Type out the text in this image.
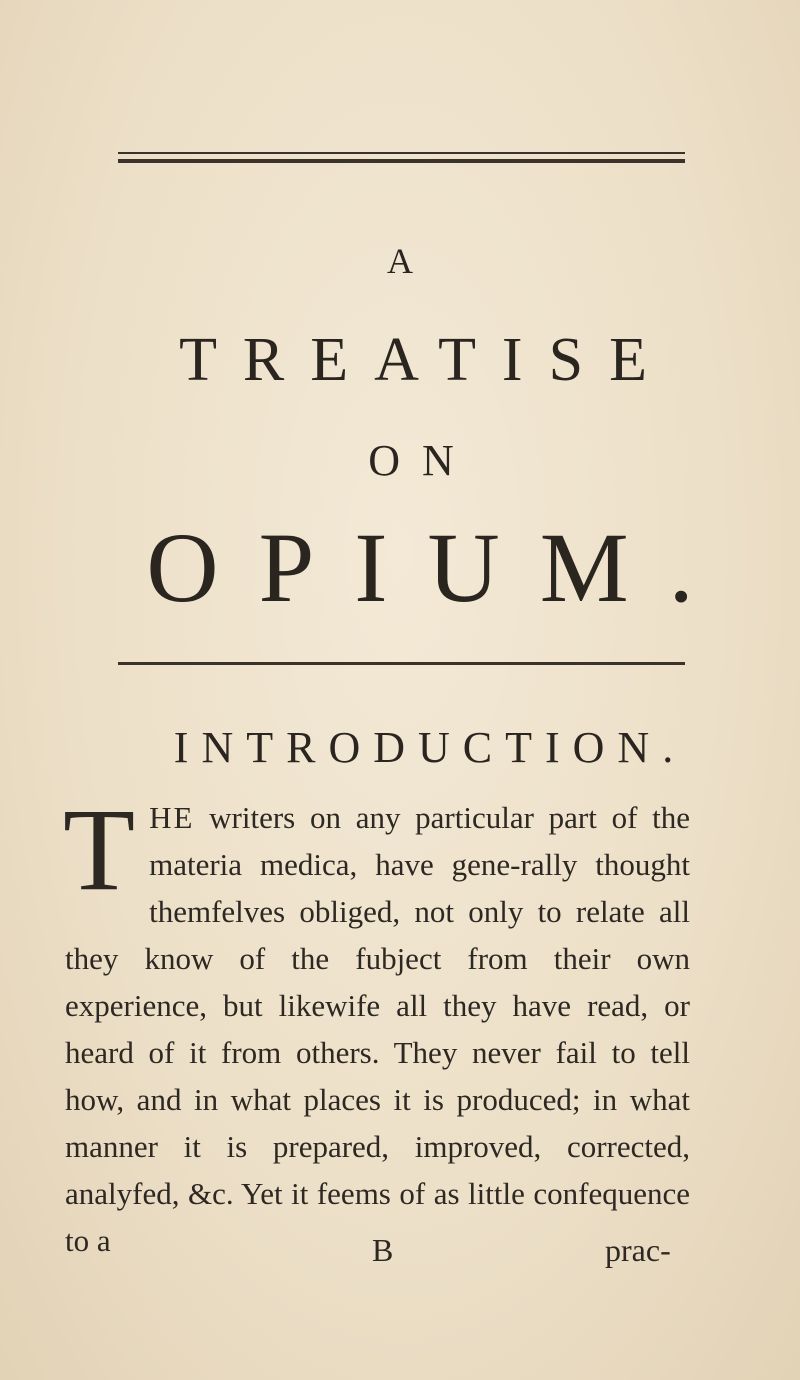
A
TREATISE
ON
OPIUM.
INTRODUCTION.
T HE writers on any particular part of the materia medica, have gene-rally thought themfelves obliged, not only to relate all they know of the fubject from their own experience, but likewife all they have read, or heard of it from others. They never fail to tell how, and in what places it is produced; in what manner it is prepared, improved, corrected, analyfed, &c. Yet it feems of as little confequence to a	B	prac-
